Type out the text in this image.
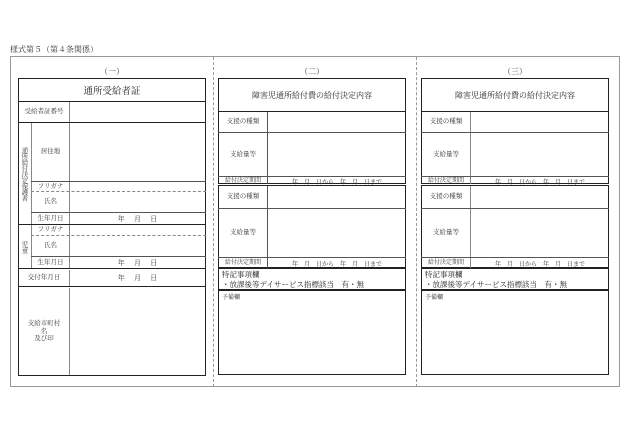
様式第５（第４条関係）
（一）
通所受給者証
受給者証番号
通所給付決定保護者	居住地
フリガナ
氏名
生年月日	年　 月　 日
児童
フリガナ
氏名
生年月日	年　 月　 日
交付年月日	年　 月　 日
支給市町村
名
及び印
（二）
障害児通所給付費の給付決定内容
支援の種類
支給量等
給付決定期間	年　月　日から　年　月　日まで
支援の種類
支給量等
給付決定期間	年　月　日から　年　月　日まで
特記事項欄
・放課後等デイサービス指標該当　有・無
予備欄
（三）
障害児通所給付費の給付決定内容
支援の種類
支給量等
給付決定期間	年　月　日から　年　月　日まで
支援の種類
支給量等
給付決定期間	年　月　日から　年　月　日まで
特記事項欄
・放課後等デイサービス指標該当　有・無
予備欄
